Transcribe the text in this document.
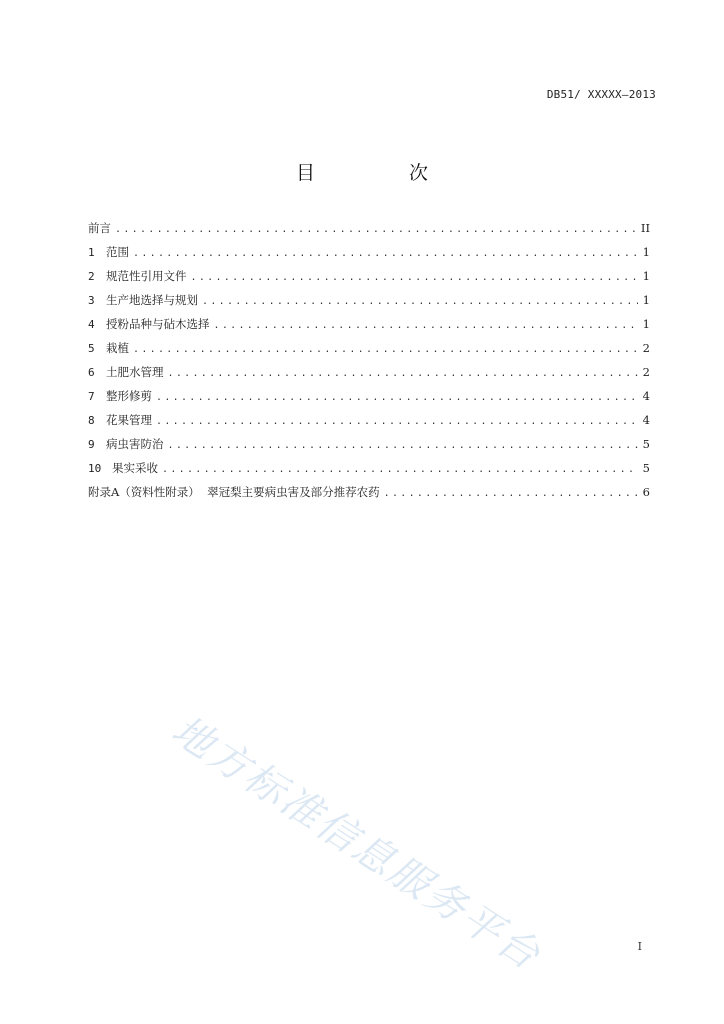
DB51/ XXXXX—2013
目 次
前言 .....	II
1 范围 .....	1
2 规范性引用文件 .....	1
3 生产地选择与规划 .....	1
4 授粉品种与砧木选择 .....	1
5 栽植 .....	2
6 土肥水管理 .....	2
7 整形修剪 .....	4
8 花果管理 .....	4
9 病虫害防治 .....	5
10 果实采收 .....	5
附录A（资料性附录）  翠冠梨主要病虫害及部分推荐农药 .....	6
地方标准信息服务平台	I
